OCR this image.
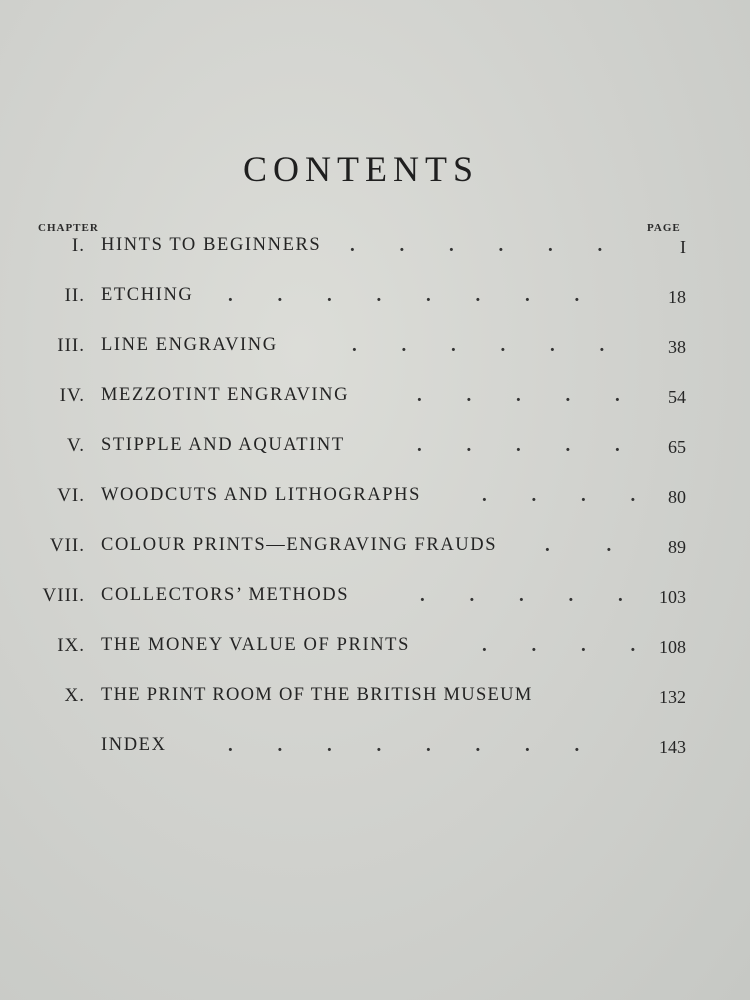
CONTENTS
CHAPTER	PAGE
I. HINTS TO BEGINNERS . . . . . .	I
II. ETCHING . . . . . . . .	18
III. LINE ENGRAVING	. . . . . .	38
IV. MEZZOTINT ENGRAVING	. . . . .	54
V. STIPPLE AND AQUATINT	. . . . .	65
VI. WOODCUTS AND LITHOGRAPHS	. . . . 80
VII. COLOUR PRINTS—ENGRAVING FRAUDS	. .	89
VIII. COLLECTORS’ METHODS	. . . . . 103
IX. THE MONEY VALUE OF PRINTS	. . . . 108
X. THE PRINT ROOM OF THE BRITISH MUSEUM	132
INDEX	. . . . . . . .	143
